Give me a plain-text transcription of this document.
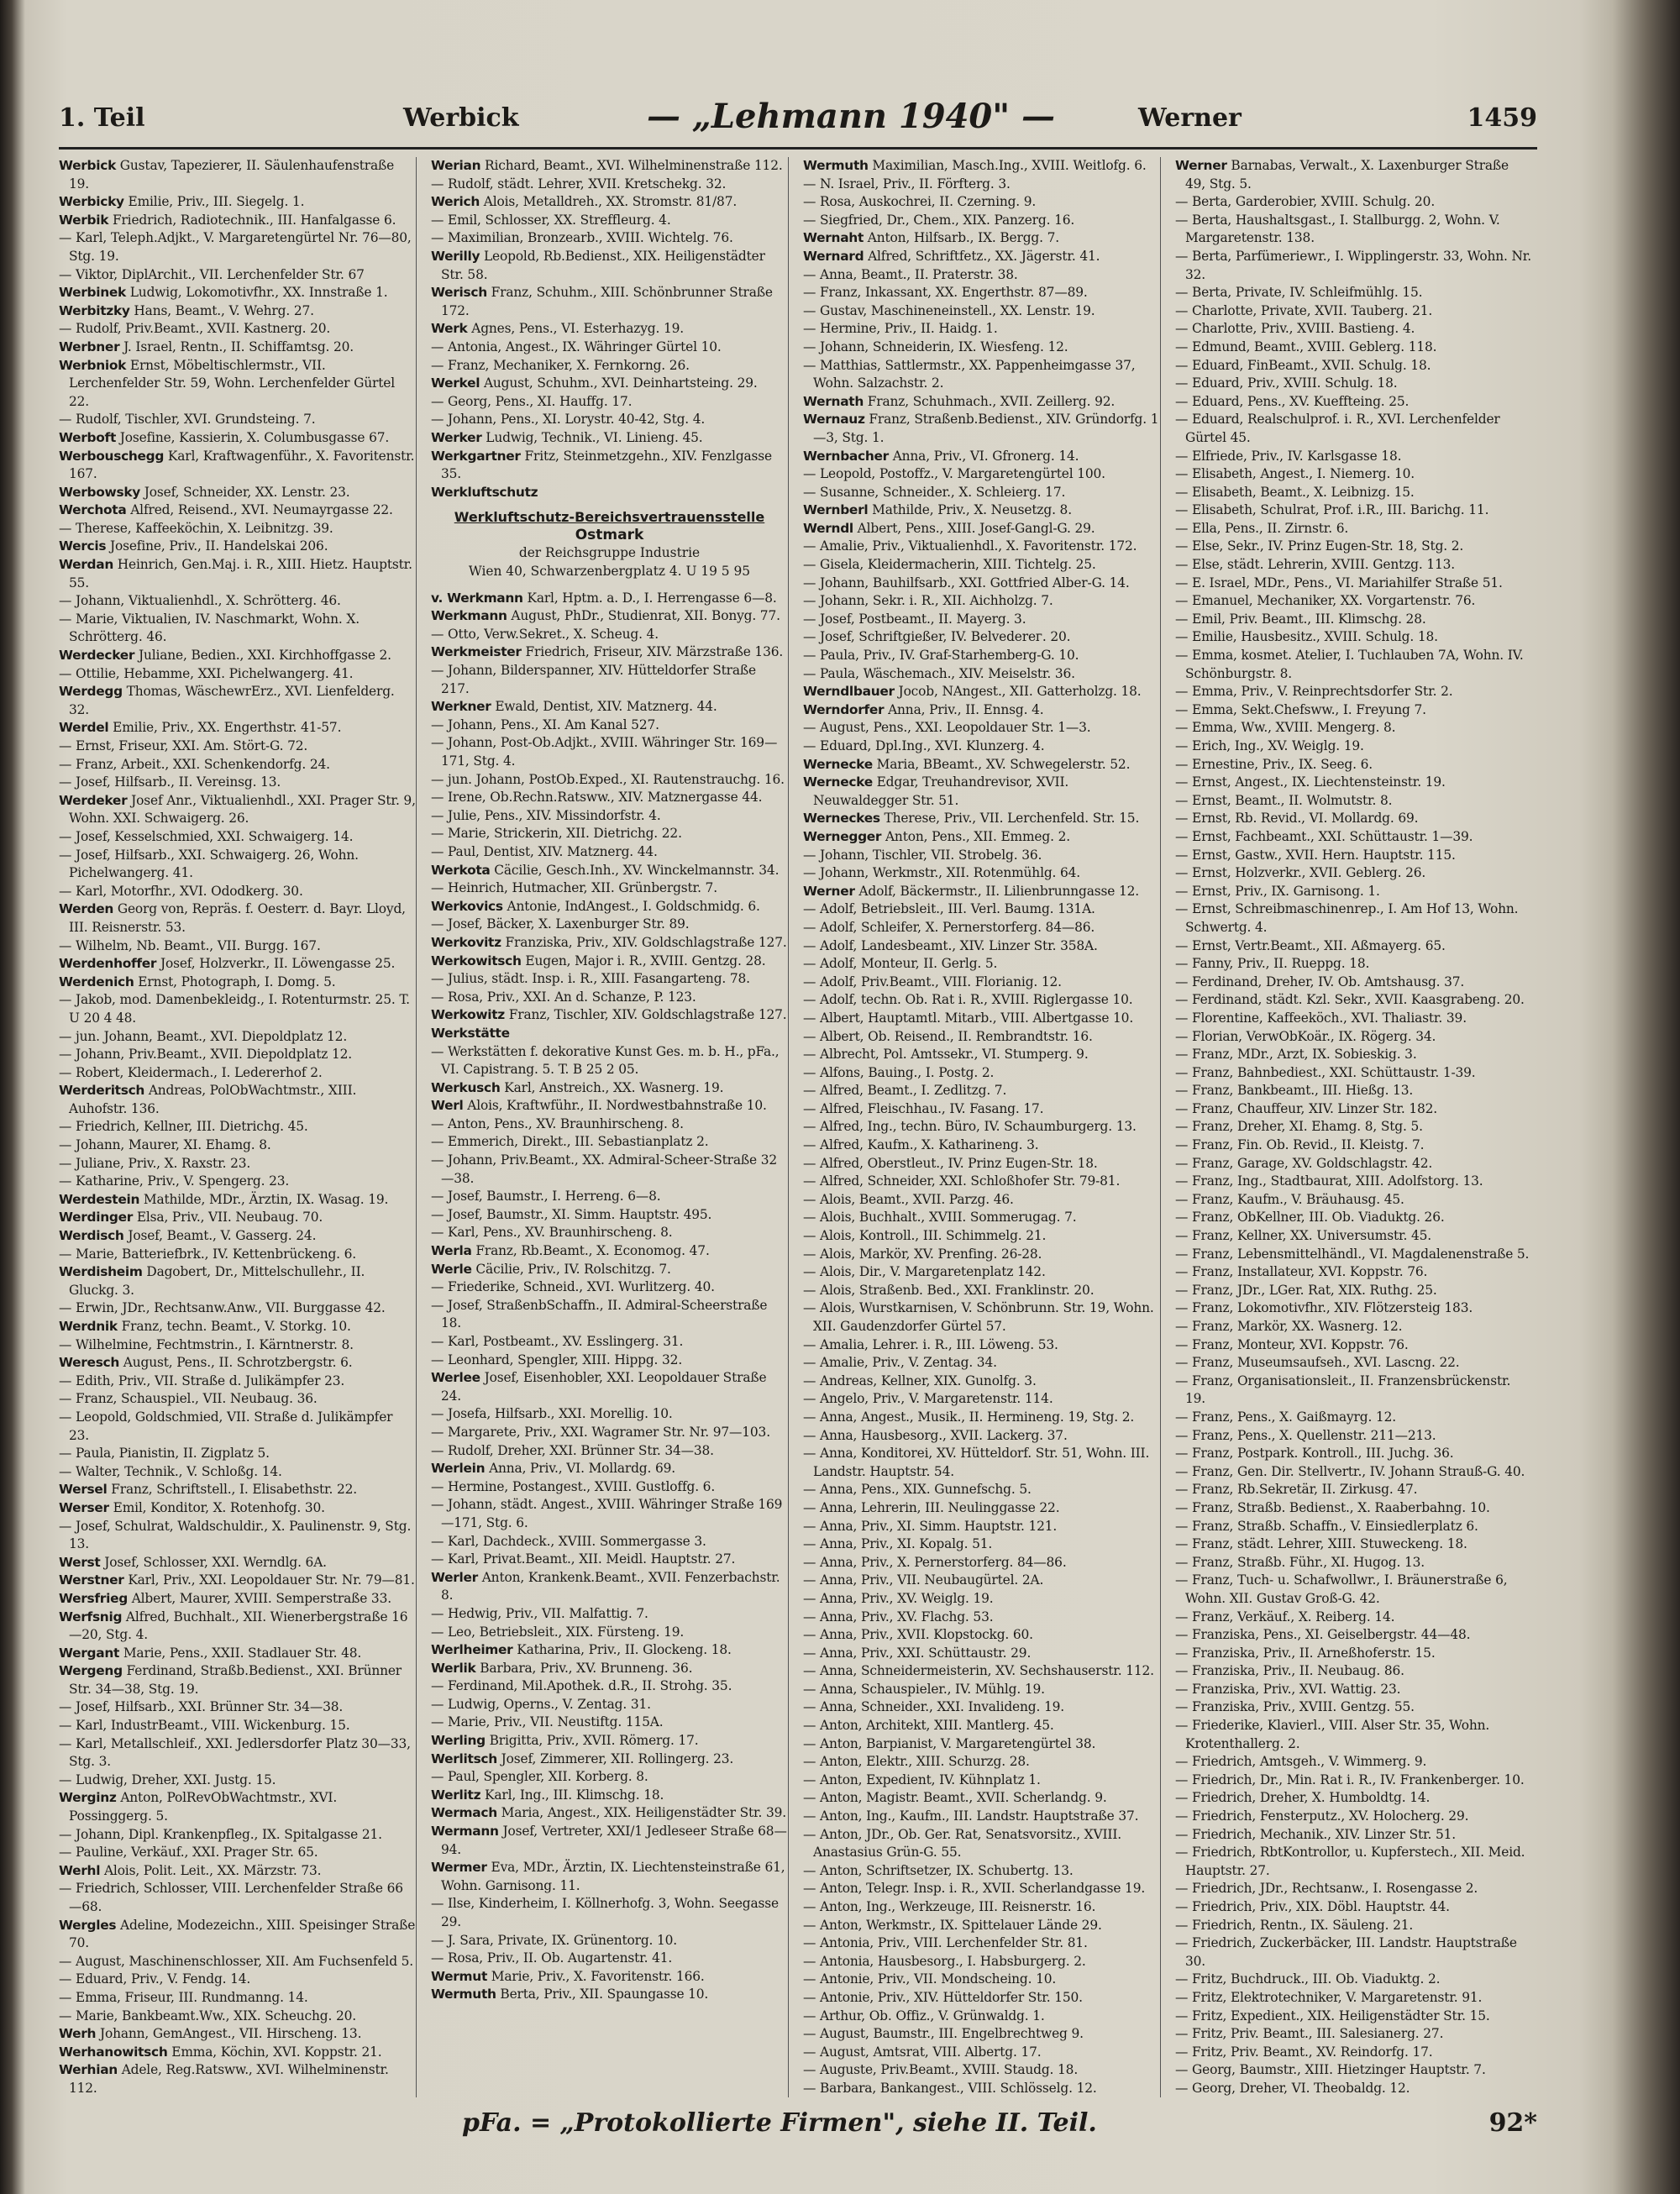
1. Teil	Werbick	— „Lehmann 1940" —	Werner	1459

Werbick Gustav, Tapezierer, II. Säulenhaufenstraße 19.

Werbicky Emilie, Priv., III. Siegelg. 1.

Werbik Friedrich, Radiotechnik., III. Hanfalgasse 6.

— Karl, Teleph.Adjkt., V. Margaretengürtel Nr. 76—80, Stg. 19.

— Viktor, DiplArchit., VII. Lerchenfelder Str. 67

Werbinek Ludwig, Lokomotivfhr., XX. Innstraße 1.

Werbitzky Hans, Beamt., V. Wehrg. 27.

— Rudolf, Priv.Beamt., XVII. Kastnerg. 20.

Werbner J. Israel, Rentn., II. Schiffamtsg. 20.

Werbniok Ernst, Möbeltischlermstr., VII. Lerchenfelder Str. 59, Wohn. Lerchenfelder Gürtel 22.

— Rudolf, Tischler, XVI. Grundsteing. 7.

Werboft Josefine, Kassierin, X. Columbusgasse 67.

Werbouschegg Karl, Kraftwagenführ., X. Favoritenstr. 167.

Werbowsky Josef, Schneider, XX. Lenstr. 23.

Werchota Alfred, Reisend., XVI. Neumayrgasse 22.

— Therese, Kaffeeköchin, X. Leibnitzg. 39.

Wercis Josefine, Priv., II. Handelskai 206.

Werdan Heinrich, Gen.Maj. i. R., XIII. Hietz. Hauptstr. 55.

— Johann, Viktualienhdl., X. Schrötterg. 46.

— Marie, Viktualien, IV. Naschmarkt, Wohn. X. Schrötterg. 46.

Werdecker Juliane, Bedien., XXI. Kirchhoffgasse 2.

— Ottilie, Hebamme, XXI. Pichelwangerg. 41.

Werdegg Thomas, WäschewrErz., XVI. Lienfelderg. 32.

Werdel Emilie, Priv., XX. Engerthstr. 41-57.

— Ernst, Friseur, XXI. Am. Stört-G. 72.

— Franz, Arbeit., XXI. Schenkendorfg. 24.

— Josef, Hilfsarb., II. Vereinsg. 13.

Werdeker Josef Anr., Viktualienhdl., XXI. Prager Str. 9, Wohn. XXI. Schwaigerg. 26.

— Josef, Kesselschmied, XXI. Schwaigerg. 14.

— Josef, Hilfsarb., XXI. Schwaigerg. 26, Wohn. Pichelwangerg. 41.

— Karl, Motorfhr., XVI. Ododkerg. 30.

Werden Georg von, Repräs. f. Oesterr. d. Bayr. Lloyd, III. Reisnerstr. 53.

— Wilhelm, Nb. Beamt., VII. Burgg. 167.

Werdenhoffer Josef, Holzverkr., II. Löwengasse 25.

Werdenich Ernst, Photograph, I. Domg. 5.

— Jakob, mod. Damenbekleidg., I. Rotenturmstr. 25. T. U 20 4 48.

— jun. Johann, Beamt., XVI. Diepoldplatz 12.

— Johann, Priv.Beamt., XVII. Diepoldplatz 12.

— Robert, Kleidermach., I. Ledererhof 2.

Werderitsch Andreas, PolObWachtmstr., XIII. Auhofstr. 136.

— Friedrich, Kellner, III. Dietrichg. 45.

— Johann, Maurer, XI. Ehamg. 8.

— Juliane, Priv., X. Raxstr. 23.

— Katharine, Priv., V. Spengerg. 23.

Werdestein Mathilde, MDr., Ärztin, IX. Wasag. 19.

Werdinger Elsa, Priv., VII. Neubaug. 70.

Werdisch Josef, Beamt., V. Gasserg. 24.

— Marie, Batteriefbrk., IV. Kettenbrückeng. 6.

Werdisheim Dagobert, Dr., Mittelschullehr., II. Gluckg. 3.

— Erwin, JDr., Rechtsanw.Anw., VII. Burggasse 42.

Werdnik Franz, techn. Beamt., V. Storkg. 10.

— Wilhelmine, Fechtmstrin., I. Kärntnerstr. 8.

Weresch August, Pens., II. Schrotzbergstr. 6.

— Edith, Priv., VII. Straße d. Julikämpfer 23.

— Franz, Schauspiel., VII. Neubaug. 36.

— Leopold, Goldschmied, VII. Straße d. Julikämpfer 23.

— Paula, Pianistin, II. Zigplatz 5.

— Walter, Technik., V. Schloßg. 14.

Wersel Franz, Schriftstell., I. Elisabethstr. 22.

Werser Emil, Konditor, X. Rotenhofg. 30.

— Josef, Schulrat, Waldschuldir., X. Paulinenstr. 9, Stg. 13.

Werst Josef, Schlosser, XXI. Werndlg. 6A.

Werstner Karl, Priv., XXI. Leopoldauer Str. Nr. 79—81.

Wersfrieg Albert, Maurer, XVIII. Semperstraße 33.

Werfsnig Alfred, Buchhalt., XII. Wienerbergstraße 16—20, Stg. 4.

Wergant Marie, Pens., XXII. Stadlauer Str. 48.

Wergeng Ferdinand, Straßb.Bedienst., XXI. Brünner Str. 34—38, Stg. 19.

— Josef, Hilfsarb., XXI. Brünner Str. 34—38.

— Karl, IndustrBeamt., VIII. Wickenburg. 15.

— Karl, Metallschleif., XXI. Jedlersdorfer Platz 30—33, Stg. 3.

— Ludwig, Dreher, XXI. Justg. 15.

Werginz Anton, PolRevObWachtmstr., XVI. Possinggerg. 5.

— Johann, Dipl. Krankenpfleg., IX. Spitalgasse 21.

— Pauline, Verkäuf., XXI. Prager Str. 65.

Werhl Alois, Polit. Leit., XX. Märzstr. 73.

— Friedrich, Schlosser, VIII. Lerchenfelder Straße 66—68.

Wergles Adeline, Modezeichn., XIII. Speisinger Straße 70.

— August, Maschinenschlosser, XII. Am Fuchsenfeld 5.

— Eduard, Priv., V. Fendg. 14.

— Emma, Friseur, III. Rundmanng. 14.

— Marie, Bankbeamt.Ww., XIX. Scheuchg. 20.

Werh Johann, GemAngest., VII. Hirscheng. 13.

Werhanowitsch Emma, Köchin, XVI. Koppstr. 21.

Werhian Adele, Reg.Ratsww., XVI. Wilhelminenstr. 112.

Werian Richard, Beamt., XVI. Wilhelminenstraße 112.

— Rudolf, städt. Lehrer, XVII. Kretschekg. 32.

Werich Alois, Metalldreh., XX. Stromstr. 81/87.

— Emil, Schlosser, XX. Streffleurg. 4.

— Maximilian, Bronzearb., XVIII. Wichtelg. 76.

Werilly Leopold, Rb.Bedienst., XIX. Heiligenstädter Str. 58.

Werisch Franz, Schuhm., XIII. Schönbrunner Straße 172.

Werk Agnes, Pens., VI. Esterhazyg. 19.

— Antonia, Angest., IX. Währinger Gürtel 10.

— Franz, Mechaniker, X. Fernkorng. 26.

Werkel August, Schuhm., XVI. Deinhartsteing. 29.

— Georg, Pens., XI. Hauffg. 17.

— Johann, Pens., XI. Lorystr. 40-42, Stg. 4.

Werker Ludwig, Technik., VI. Linieng. 45.

Werkgartner Fritz, Steinmetzgehn., XIV. Fenzlgasse 35.

Werkluftschutz

Werkluftschutz-Bereichsvertrauensstelle
Ostmark
der Reichsgruppe Industrie
Wien 40, Schwarzenbergplatz 4. U 19 5 95

v. Werkmann Karl, Hptm. a. D., I. Herrengasse 6—8.

Werkmann August, PhDr., Studienrat, XII. Bonyg. 77.

— Otto, Verw.Sekret., X. Scheug. 4.

Werkmeister Friedrich, Friseur, XIV. Märzstraße 136.

— Johann, Bilderspanner, XIV. Hütteldorfer Straße 217.

Werkner Ewald, Dentist, XIV. Matznerg. 44.

— Johann, Pens., XI. Am Kanal 527.

— Johann, Post-Ob.Adjkt., XVIII. Währinger Str. 169—171, Stg. 4.

— jun. Johann, PostOb.Exped., XI. Rautenstrauchg. 16.

— Irene, Ob.Rechn.Ratsww., XIV. Matznergasse 44.

— Julie, Pens., XIV. Missindorfstr. 4.

— Marie, Strickerin, XII. Dietrichg. 22.

— Paul, Dentist, XIV. Matznerg. 44.

Werkota Cäcilie, Gesch.Inh., XV. Winckelmannstr. 34.

— Heinrich, Hutmacher, XII. Grünbergstr. 7.

Werkovics Antonie, IndAngest., I. Goldschmidg. 6.

— Josef, Bäcker, X. Laxenburger Str. 89.

Werkovitz Franziska, Priv., XIV. Goldschlagstraße 127.

Werkowitsch Eugen, Major i. R., XVIII. Gentzg. 28.

— Julius, städt. Insp. i. R., XIII. Fasangarteng. 78.

— Rosa, Priv., XXI. An d. Schanze, P. 123.

Werkowitz Franz, Tischler, XIV. Goldschlagstraße 127.

Werkstätte

— Werkstätten f. dekorative Kunst Ges. m. b. H., pFa., VI. Capistrang. 5. T. B 25 2 05.

Werkusch Karl, Anstreich., XX. Wasnerg. 19.

Werl Alois, Kraftwführ., II. Nordwestbahnstraße 10.

— Anton, Pens., XV. Braunhirscheng. 8.

— Emmerich, Direkt., III. Sebastianplatz 2.

— Johann, Priv.Beamt., XX. Admiral-Scheer-Straße 32—38.

— Josef, Baumstr., I. Herreng. 6—8.

— Josef, Baumstr., XI. Simm. Hauptstr. 495.

— Karl, Pens., XV. Braunhirscheng. 8.

Werla Franz, Rb.Beamt., X. Economog. 47.

Werle Cäcilie, Priv., IV. Rolschitzg. 7.

— Friederike, Schneid., XVI. Wurlitzerg. 40.

— Josef, StraßenbSchaffn., II. Admiral-Scheerstraße 18.

— Karl, Postbeamt., XV. Esslingerg. 31.

— Leonhard, Spengler, XIII. Hippg. 32.

Werlee Josef, Eisenhobler, XXI. Leopoldauer Straße 24.

— Josefa, Hilfsarb., XXI. Morellig. 10.

— Margarete, Priv., XXI. Wagramer Str. Nr. 97—103.

— Rudolf, Dreher, XXI. Brünner Str. 34—38.

Werlein Anna, Priv., VI. Mollardg. 69.

— Hermine, Postangest., XVIII. Gustloffg. 6.

— Johann, städt. Angest., XVIII. Währinger Straße 169—171, Stg. 6.

— Karl, Dachdeck., XVIII. Sommergasse 3.

— Karl, Privat.Beamt., XII. Meidl. Hauptstr. 27.

Werler Anton, Krankenk.Beamt., XVII. Fenzerbachstr. 8.

— Hedwig, Priv., VII. Malfattig. 7.

— Leo, Betriebsleit., XIX. Fürsteng. 19.

Werlheimer Katharina, Priv., II. Glockeng. 18.

Werlik Barbara, Priv., XV. Brunneng. 36.

— Ferdinand, Mil.Apothek. d.R., II. Strohg. 35.

— Ludwig, Operns., V. Zentag. 31.

— Marie, Priv., VII. Neustiftg. 115A.

Werling Brigitta, Priv., XVII. Römerg. 17.

Werlitsch Josef, Zimmerer, XII. Rollingerg. 23.

— Paul, Spengler, XII. Korberg. 8.

Werlitz Karl, Ing., III. Klimschg. 18.

Wermach Maria, Angest., XIX. Heiligenstädter Str. 39.

Wermann Josef, Vertreter, XXI/1 Jedleseer Straße 68—94.

Wermer Eva, MDr., Ärztin, IX. Liechtensteinstraße 61, Wohn. Garnisong. 11.

— Ilse, Kinderheim, I. Köllnerhofg. 3, Wohn. Seegasse 29.

— J. Sara, Private, IX. Grünentorg. 10.

— Rosa, Priv., II. Ob. Augartenstr. 41.

Wermut Marie, Priv., X. Favoritenstr. 166.

Wermuth Berta, Priv., XII. Spaungasse 10.

Wermuth Maximilian, Masch.Ing., XVIII. Weitlofg. 6.

— N. Israel, Priv., II. Förfterg. 3.

— Rosa, Auskochrei, II. Czerning. 9.

— Siegfried, Dr., Chem., XIX. Panzerg. 16.

Wernaht Anton, Hilfsarb., IX. Bergg. 7.

Wernard Alfred, Schriftfetz., XX. Jägerstr. 41.

— Anna, Beamt., II. Praterstr. 38.

— Franz, Inkassant, XX. Engerthstr. 87—89.

— Gustav, Maschineneinstell., XX. Lenstr. 19.

— Hermine, Priv., II. Haidg. 1.

— Johann, Schneiderin, IX. Wiesfeng. 12.

— Matthias, Sattlermstr., XX. Pappenheimgasse 37, Wohn. Salzachstr. 2.

Wernath Franz, Schuhmach., XVII. Zeillerg. 92.

Wernauz Franz, Straßenb.Bedienst., XIV. Gründorfg. 1—3, Stg. 1.

Wernbacher Anna, Priv., VI. Gfronerg. 14.

— Leopold, Postoffz., V. Margaretengürtel 100.

— Susanne, Schneider., X. Schleierg. 17.

Wernberl Mathilde, Priv., X. Neusetzg. 8.

Werndl Albert, Pens., XIII. Josef-Gangl-G. 29.

— Amalie, Priv., Viktualienhdl., X. Favoritenstr. 172.

— Gisela, Kleidermacherin, XIII. Tichtelg. 25.

— Johann, Bauhilfsarb., XXI. Gottfried Alber-G. 14.

— Johann, Sekr. i. R., XII. Aichholzg. 7.

— Josef, Postbeamt., II. Mayerg. 3.

— Josef, Schriftgießer, IV. Belvederег. 20.

— Paula, Priv., IV. Graf-Starhemberg-G. 10.

— Paula, Wäschemach., XIV. Meiselstr. 36.

Werndlbauer Jocob, NAngest., XII. Gatterholzg. 18.

Werndorfer Anna, Priv., II. Ennsg. 4.

— August, Pens., XXI. Leopoldauer Str. 1—3.

— Eduard, Dpl.Ing., XVI. Klunzerg. 4.

Wernecke Maria, BBeamt., XV. Schwegelerstr. 52.

Wernecke Edgar, Treuhandrevisor, XVII. Neuwaldegger Str. 51.

Werneckes Therese, Priv., VII. Lerchenfeld. Str. 15.

Wernegger Anton, Pens., XII. Emmeg. 2.

— Johann, Tischler, VII. Strobelg. 36.

— Johann, Werkmstr., XII. Rotenmühlg. 64.

Werner Adolf, Bäckermstr., II. Lilienbrunngasse 12.

— Adolf, Betriebsleit., III. Verl. Baumg. 131A.

— Adolf, Schleifer, X. Pernerstorferg. 84—86.

— Adolf, Landesbeamt., XIV. Linzer Str. 358A.

— Adolf, Monteur, II. Gerlg. 5.

— Adolf, Priv.Beamt., VIII. Florianig. 12.

— Adolf, techn. Ob. Rat i. R., XVIII. Riglergasse 10.

— Albert, Hauptamtl. Mitarb., VIII. Albertgasse 10.

— Albert, Ob. Reisend., II. Rembrandtstr. 16.

— Albrecht, Pol. Amtssekr., VI. Stumperg. 9.

— Alfons, Bauing., I. Postg. 2.

— Alfred, Beamt., I. Zedlitzg. 7.

— Alfred, Fleischhau., IV. Fasang. 17.

— Alfred, Ing., techn. Büro, IV. Schaumburgerg. 13.

— Alfred, Kaufm., X. Katharineng. 3.

— Alfred, Oberstleut., IV. Prinz Eugen-Str. 18.

— Alfred, Schneider, XXI. Schloßhofer Str. 79-81.

— Alois, Beamt., XVII. Parzg. 46.

— Alois, Buchhalt., XVIII. Sommerugag. 7.

— Alois, Kontroll., III. Schimmelg. 21.

— Alois, Markör, XV. Prenfing. 26-28.

— Alois, Dir., V. Margaretenplatz 142.

— Alois, Straßenb. Bed., XXI. Franklinstr. 20.

— Alois, Wurstkarnisen, V. Schönbrunn. Str. 19, Wohn. XII. Gaudenzdorfer Gürtel 57.

— Amalia, Lehrer. i. R., III. Löweng. 53.

— Amalie, Priv., V. Zentag. 34.

— Andreas, Kellner, XIX. Gunolfg. 3.

— Angelo, Priv., V. Margaretenstr. 114.

— Anna, Angest., Musik., II. Hermineng. 19, Stg. 2.

— Anna, Hausbesorg., XVII. Lackerg. 37.

— Anna, Konditorei, XV. Hütteldorf. Str. 51, Wohn. III. Landstr. Hauptstr. 54.

— Anna, Pens., XIX. Gunnefschg. 5.

— Anna, Lehrerin, III. Neulinggasse 22.

— Anna, Priv., XI. Simm. Hauptstr. 121.

— Anna, Priv., XI. Kopalg. 51.

— Anna, Priv., X. Pernerstorferg. 84—86.

— Anna, Priv., VII. Neubaugürtel. 2A.

— Anna, Priv., XV. Weiglg. 19.

— Anna, Priv., XV. Flachg. 53.

— Anna, Priv., XVII. Klopstockg. 60.

— Anna, Priv., XXI. Schüttaustr. 29.

— Anna, Schneidermeisterin, XV. Sechshauserstr. 112.

— Anna, Schauspieler., IV. Mühlg. 19.

— Anna, Schneider., XXI. Invalideng. 19.

— Anton, Architekt, XIII. Mantlerg. 45.

— Anton, Barpianist, V. Margaretengürtel 38.

— Anton, Elektr., XIII. Schurzg. 28.

— Anton, Expedient, IV. Kühnplatz 1.

— Anton, Magistr. Beamt., XVII. Scherlandg. 9.

— Anton, Ing., Kaufm., III. Landstr. Hauptstraße 37.

— Anton, JDr., Ob. Ger. Rat, Senatsvorsitz., XVIII. Anastasius Grün-G. 55.

— Anton, Schriftsetzer, IX. Schubertg. 13.

— Anton, Telegr. Insp. i. R., XVII. Scherlandgasse 19.

— Anton, Ing., Werkzeuge, III. Reisnerstr. 16.

— Anton, Werkmstr., IX. Spittelauer Lände 29.

— Antonia, Priv., VIII. Lerchenfelder Str. 81.

— Antonia, Hausbesorg., I. Habsburgerg. 2.

— Antonie, Priv., VII. Mondscheing. 10.

— Antonie, Priv., XIV. Hütteldorfer Str. 150.

— Arthur, Ob. Offiz., V. Grünwaldg. 1.

— August, Baumstr., III. Engelbrechtweg 9.

— August, Amtsrat, VIII. Albertg. 17.

— Auguste, Priv.Beamt., XVIII. Staudg. 18.

— Barbara, Bankangest., VIII. Schlösselg. 12.

Werner Barnabas, Verwalt., X. Laxenburger Straße 49, Stg. 5.

— Berta, Garderobier, XVIII. Schulg. 20.

— Berta, Haushaltsgast., I. Stallburgg. 2, Wohn. V. Margaretenstr. 138.

— Berta, Parfümeriewr., I. Wipplingerstr. 33, Wohn. Nr. 32.

— Berta, Private, IV. Schleifmühlg. 15.

— Charlotte, Private, XVII. Tauberg. 21.

— Charlotte, Priv., XVIII. Bastieng. 4.

— Edmund, Beamt., XVIII. Geblerg. 118.

— Eduard, FinBeamt., XVII. Schulg. 18.

— Eduard, Priv., XVIII. Schulg. 18.

— Eduard, Pens., XV. Kueffteing. 25.

— Eduard, Realschulprof. i. R., XVI. Lerchenfelder Gürtel 45.

— Elfriede, Priv., IV. Karlsgasse 18.

— Elisabeth, Angest., I. Niemerg. 10.

— Elisabeth, Beamt., X. Leibnizg. 15.

— Elisabeth, Schulrat, Prof. i.R., III. Barichg. 11.

— Ella, Pens., II. Zirnstr. 6.

— Else, Sekr., IV. Prinz Eugen-Str. 18, Stg. 2.

— Else, städt. Lehrerin, XVIII. Gentzg. 113.

— E. Israel, MDr., Pens., VI. Mariahilfer Straße 51.

— Emanuel, Mechaniker, XX. Vorgartenstr. 76.

— Emil, Priv. Beamt., III. Klimschg. 28.

— Emilie, Hausbesitz., XVIII. Schulg. 18.

— Emma, kosmet. Atelier, I. Tuchlauben 7A, Wohn. IV. Schönburgstr. 8.

— Emma, Priv., V. Reinprechtsdorfer Str. 2.

— Emma, Sekt.Chefsww., I. Freyung 7.

— Emma, Ww., XVIII. Mengerg. 8.

— Erich, Ing., XV. Weiglg. 19.

— Ernestine, Priv., IX. Seeg. 6.

— Ernst, Angest., IX. Liechtensteinstr. 19.

— Ernst, Beamt., II. Wolmutstr. 8.

— Ernst, Rb. Revid., VI. Mollardg. 69.

— Ernst, Fachbeamt., XXI. Schüttaustr. 1—39.

— Ernst, Gastw., XVII. Hern. Hauptstr. 115.

— Ernst, Holzverkr., XVII. Geblerg. 26.

— Ernst, Priv., IX. Garnisong. 1.

— Ernst, Schreibmaschinenrep., I. Am Hof 13, Wohn. Schwertg. 4.

— Ernst, Vertr.Beamt., XII. Aßmayerg. 65.

— Fanny, Priv., II. Rueppg. 18.

— Ferdinand, Dreher, IV. Ob. Amtshausg. 37.

— Ferdinand, städt. Kzl. Sekr., XVII. Kaasgrabeng. 20.

— Florentine, Kaffeeköch., XVI. Thaliastr. 39.

— Florian, VerwObKoär., IX. Rögerg. 34.

— Franz, MDr., Arzt, IX. Sobieskig. 3.

— Franz, Bahnbediest., XXI. Schüttaustr. 1-39.

— Franz, Bankbeamt., III. Hießg. 13.

— Franz, Chauffeur, XIV. Linzer Str. 182.

— Franz, Dreher, XI. Ehamg. 8, Stg. 5.

— Franz, Fin. Ob. Revid., II. Kleistg. 7.

— Franz, Garage, XV. Goldschlagstr. 42.

— Franz, Ing., Stadtbaurat, XIII. Adolfstorg. 13.

— Franz, Kaufm., V. Bräuhausg. 45.

— Franz, ObKellner, III. Ob. Viaduktg. 26.

— Franz, Kellner, XX. Universumstr. 45.

— Franz, Lebensmittelhändl., VI. Magdalenenstraße 5.

— Franz, Installateur, XVI. Koppstr. 76.

— Franz, JDr., LGer. Rat, XIX. Ruthg. 25.

— Franz, Lokomotivfhr., XIV. Flötzersteig 183.

— Franz, Markör, XX. Wasnerg. 12.

— Franz, Monteur, XVI. Koppstr. 76.

— Franz, Museumsaufseh., XVI. Lascng. 22.

— Franz, Organisationsleit., II. Franzensbrückenstr. 19.

— Franz, Pens., X. Gaißmayrg. 12.

— Franz, Pens., X. Quellenstr. 211—213.

— Franz, Postpark. Kontroll., III. Juchg. 36.

— Franz, Gen. Dir. Stellvertr., IV. Johann Strauß-G. 40.

— Franz, Rb.Sekretär, II. Zirkusg. 47.

— Franz, Straßb. Bedienst., X. Raaberbahng. 10.

— Franz, Straßb. Schaffn., V. Einsiedlerplatz 6.

— Franz, städt. Lehrer, XIII. Stuweckeng. 18.

— Franz, Straßb. Führ., XI. Hugog. 13.

— Franz, Tuch- u. Schafwollwr., I. Bräunerstraße 6, Wohn. XII. Gustav Groß-G. 42.

— Franz, Verkäuf., X. Reiberg. 14.

— Franziska, Pens., XI. Geiselbergstr. 44—48.

— Franziska, Priv., II. Arneßhoferstr. 15.

— Franziska, Priv., II. Neubaug. 86.

— Franziska, Priv., XVI. Wattig. 23.

— Franziska, Priv., XVIII. Gentzg. 55.

— Friederike, Klavierl., VIII. Alser Str. 35, Wohn. Krotenthallerg. 2.

— Friedrich, Amtsgeh., V. Wimmerg. 9.

— Friedrich, Dr., Min. Rat i. R., IV. Frankenberger. 10.

— Friedrich, Dreher, X. Humboldtg. 14.

— Friedrich, Fensterputz., XV. Holocherg. 29.

— Friedrich, Mechanik., XIV. Linzer Str. 51.

— Friedrich, RbtKontrollor, u. Kupferstech., XII. Meid. Hauptstr. 27.

— Friedrich, JDr., Rechtsanw., I. Rosengasse 2.

— Friedrich, Priv., XIX. Döbl. Hauptstr. 44.

— Friedrich, Rentn., IX. Säuleng. 21.

— Friedrich, Zuckerbäcker, III. Landstr. Hauptstraße 30.

— Fritz, Buchdruck., III. Ob. Viaduktg. 2.

— Fritz, Elektrotechniker, V. Margaretenstr. 91.

— Fritz, Expedient., XIX. Heiligenstädter Str. 15.

— Fritz, Priv. Beamt., III. Salesianerg. 27.

— Fritz, Priv. Beamt., XV. Reindorfg. 17.

— Georg, Baumstr., XIII. Hietzinger Hauptstr. 7.

— Georg, Dreher, VI. Theobaldg. 12.

pFa. = „Protokollierte Firmen", siehe II. Teil.	92*
